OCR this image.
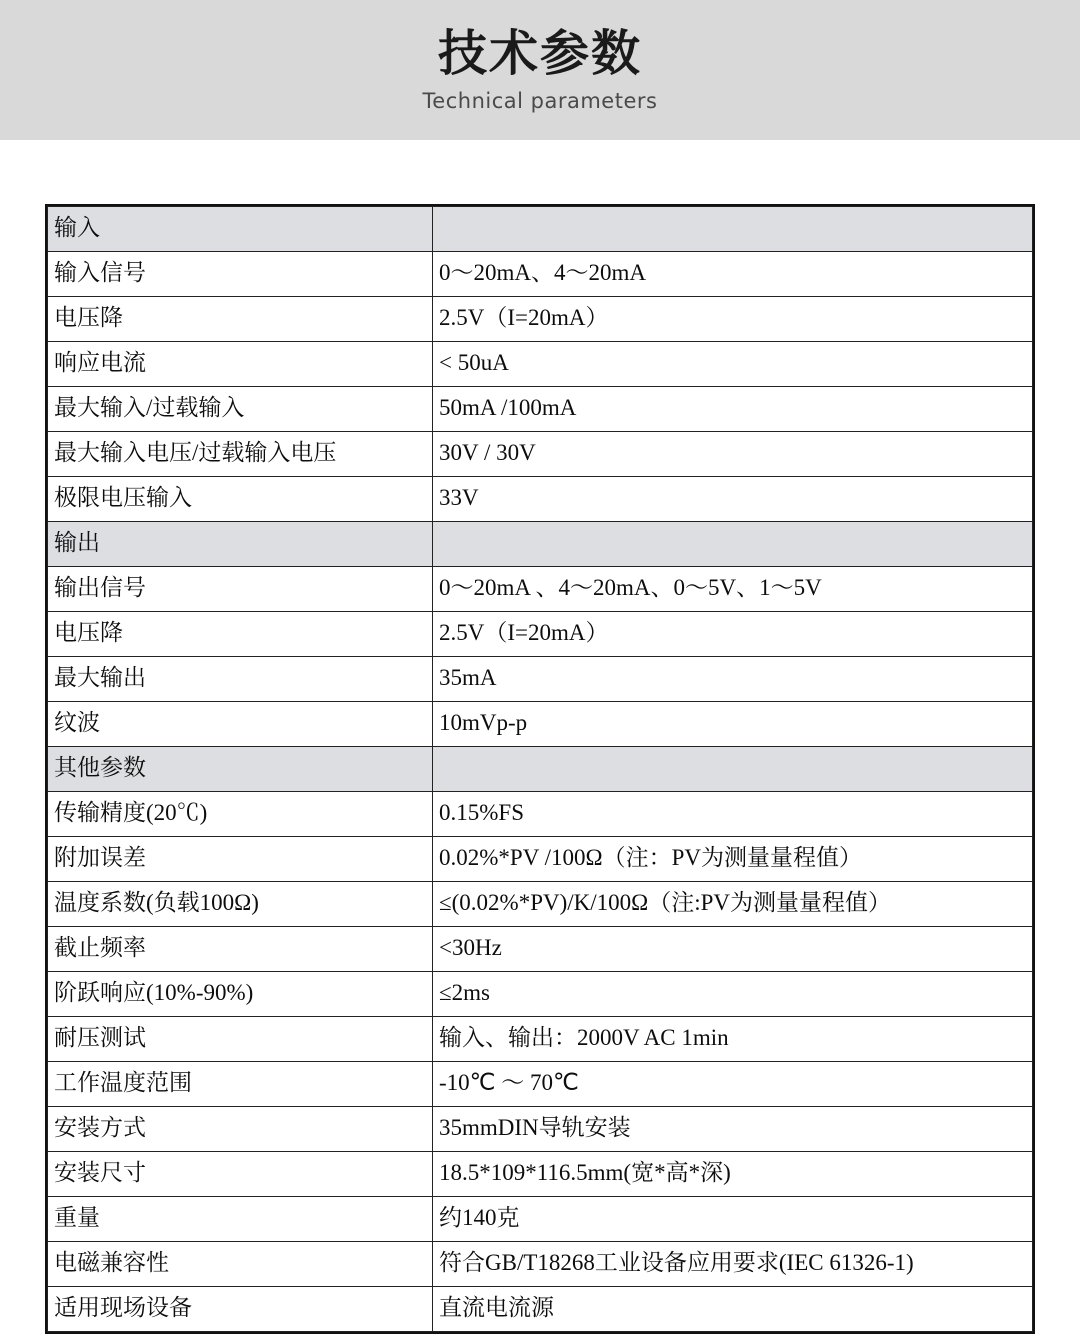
技术参数
Technical parameters
输入	
输入信号	0～20mA、4～20mA
电压降	2.5V（I=20mA）
响应电流	< 50uA
最大输入/过载输入	50mA /100mA
最大输入电压/过载输入电压	30V / 30V
极限电压输入	33V
输出	
输出信号	0～20mA 、4～20mA、0～5V、1～5V
电压降	2.5V（I=20mA）
最大输出	35mA
纹波	10mVp-p
其他参数	
传输精度(20℃)	0.15%FS
附加误差	0.02%*PV /100Ω（注：PV为测量量程值）
温度系数(负载100Ω)	≤(0.02%*PV)/K/100Ω（注:PV为测量量程值）
截止频率	<30Hz
阶跃响应(10%-90%)	≤2ms
耐压测试	输入、输出：2000V AC 1min
工作温度范围	-10℃ ～ 70℃
安装方式	35mmDIN导轨安装
安装尺寸	18.5*109*116.5mm(宽*高*深)
重量	约140克
电磁兼容性	符合GB/T18268工业设备应用要求(IEC 61326-1)
适用现场设备	直流电流源
